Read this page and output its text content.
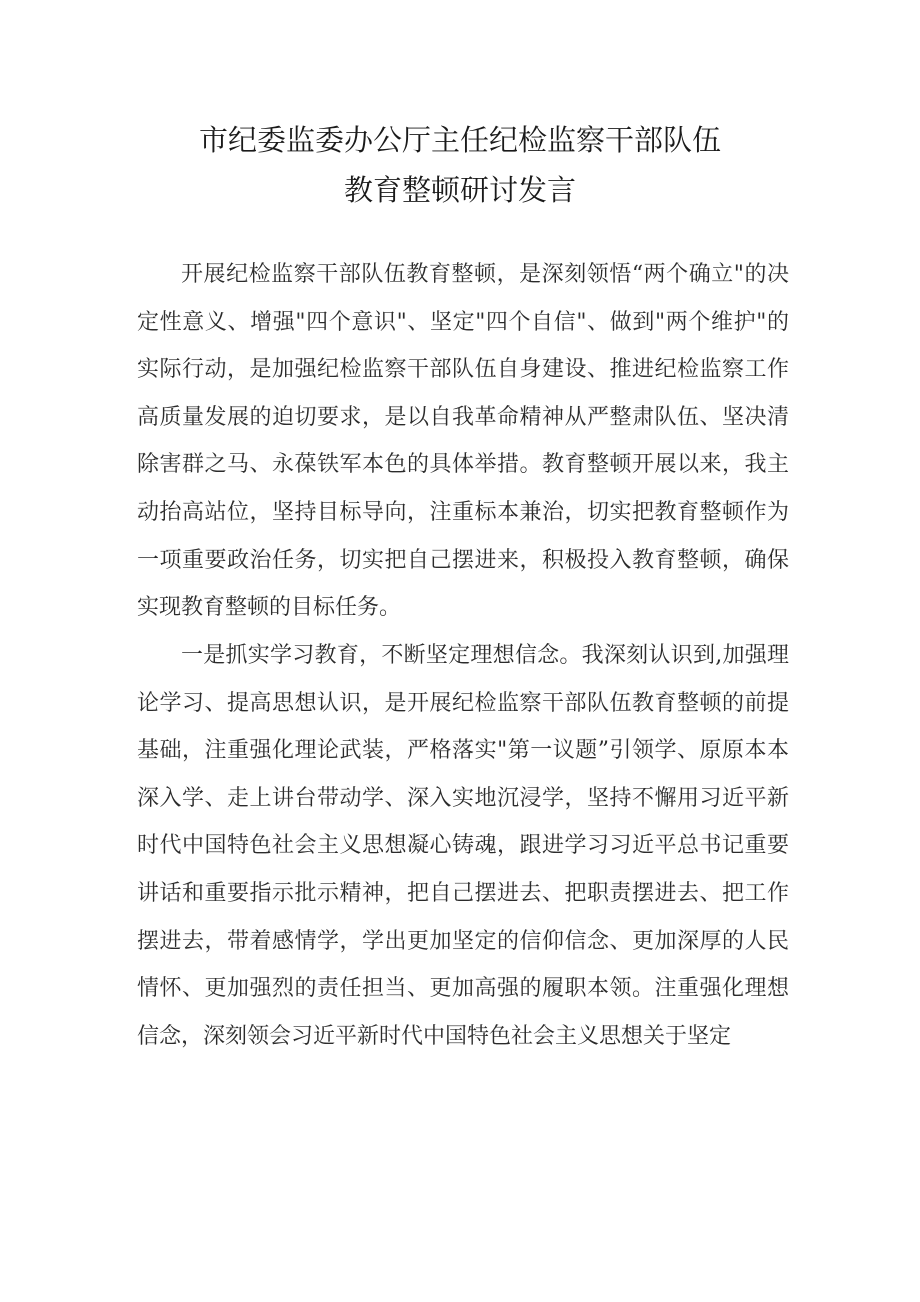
市纪委监委办公厅主任纪检监察干部队伍
教育整顿研讨发言

开展纪检监察干部队伍教育整顿，是深刻领悟“两个确立"的决定性意义、增强"四个意识"、坚定"四个自信"、做到"两个维护"的实际行动，是加强纪检监察干部队伍自身建设、推进纪检监察工作高质量发展的迫切要求，是以自我革命精神从严整肃队伍、坚决清除害群之马、永葆铁军本色的具体举措。教育整顿开展以来，我主动抬高站位，坚持目标导向，注重标本兼治，切实把教育整顿作为一项重要政治任务，切实把自己摆进来，积极投入教育整顿，确保实现教育整顿的目标任务。

一是抓实学习教育，不断坚定理想信念。我深刻认识到,加强理论学习、提高思想认识，是开展纪检监察干部队伍教育整顿的前提基础，注重强化理论武装，严格落实"第一议题”引领学、原原本本深入学、走上讲台带动学、深入实地沉浸学，坚持不懈用习近平新时代中国特色社会主义思想凝心铸魂，跟进学习习近平总书记重要讲话和重要指示批示精神，把自己摆进去、把职责摆进去、把工作摆进去，带着感情学，学出更加坚定的信仰信念、更加深厚的人民情怀、更加强烈的责任担当、更加高强的履职本领。注重强化理想信念，深刻领会习近平新时代中国特色社会主义思想关于坚定
